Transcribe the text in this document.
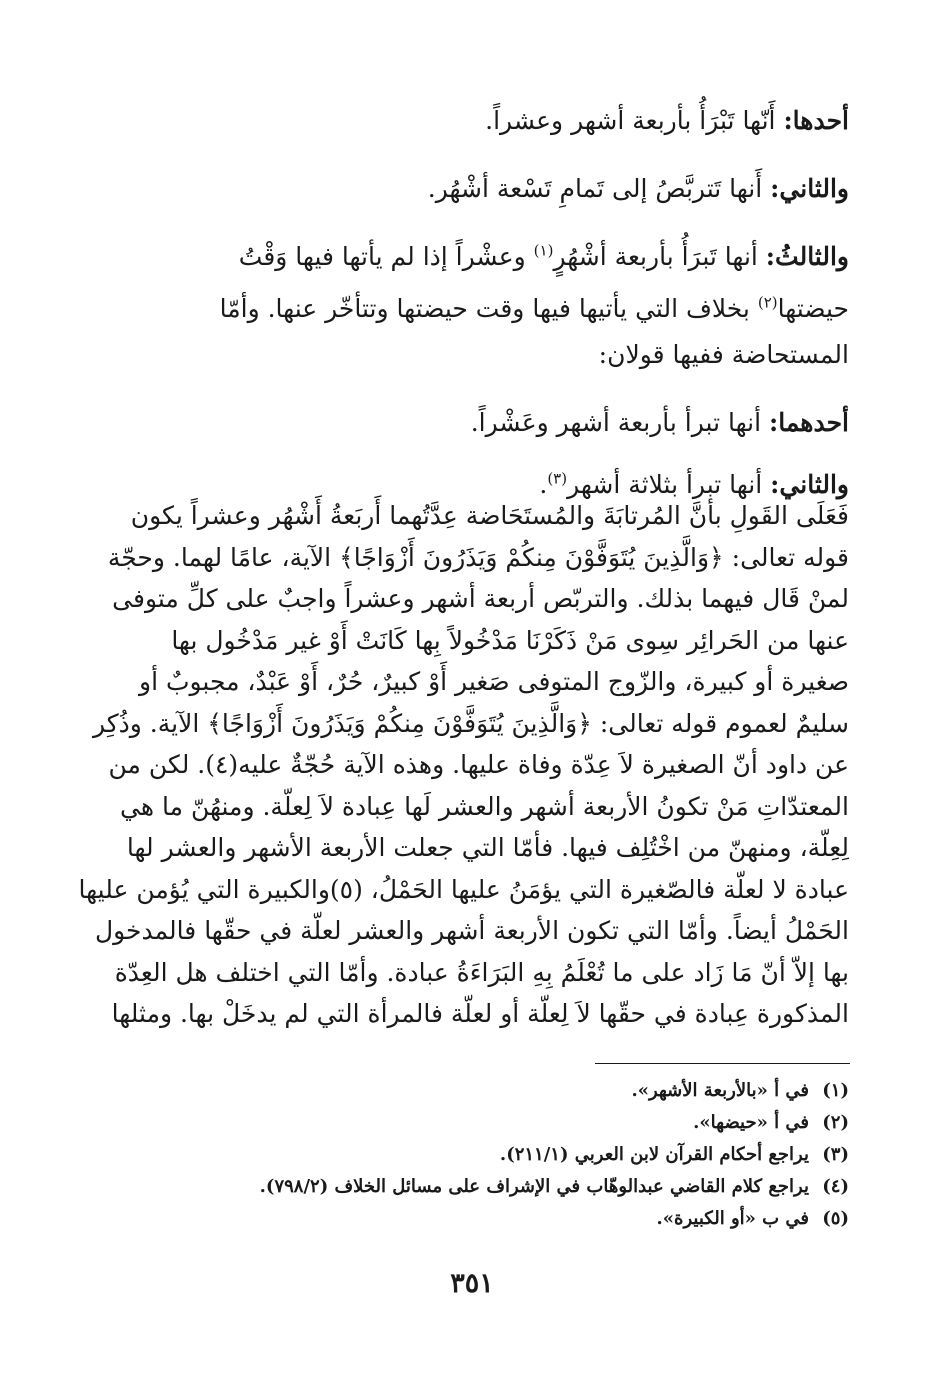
أحدها: أَنّها تَبْرَأُ بأربعة أشهر وعشراً.
والثاني: أَنها تَتربَّصُ إلى تَمامِ تَسْعة أشْهُر.
والثالثُ: أنها تَبرَأُ بأربعة أشْهُرٍ$^{(١)}$ وعشْراً إذا لم يأتها فيها وَقْتُ
حيضتها$^{(٢)}$ بخلاف التي يأتيها فيها وقت حيضتها وتتأخّر عنها. وأمّا
المستحاضة ففيها قولان:
أحدهما: أنها تبرأ بأربعة أشهر وعَشْراً.
والثاني: أنها تبرأ بثلاثة أشهر$^{(٣)}$.
فَعَلَى القَولِ بأنَّ المُرتابَةَ والمُستَحَاضة عِدَّتُهما أَربَعةُ أَشْهُر وعشراً يكون
قوله تعالى: ﴿وَالَّذِينَ يُتَوَفَّوْنَ مِنكُمْ وَيَذَرُونَ أَزْوَاجًا﴾ الآية، عامًا لهما. وحجّة
لمنْ قَال فيهما بذلك. والتربّص أربعة أشهر وعشراً واجبٌ على كلِّ متوفى
عنها من الحَرائِر سِوى مَنْ ذَكَرْنَا مَدْخُولاً بِها كَانَتْ أَوْ غير مَدْخُول بها
صغيرة أو كبيرة، والزّوج المتوفى صَغير أَوْ كبيرٌ، حُرٌ، أَوْ عَبْدٌ، مجبوبٌ أو
سليمٌ لعموم قوله تعالى: ﴿وَالَّذِينَ يُتَوَفَّوْنَ مِنكُمْ وَيَذَرُونَ أَزْوَاجًا﴾ الآية. وذُكِر
عن داود أنّ الصغيرة لاَ عِدّة وفاة عليها. وهذه الآية حُجّةٌ عليه(٤). لكن من
المعتدّاتِ مَنْ تكونُ الأربعة أشهر والعشر لَها عِبادة لاَ لِعلّة. ومنهُنّ ما هي
لِعِلّة، ومنهنّ من اخْتُلِف فيها. فأمّا التي جعلت الأربعة الأشهر والعشر لها
عبادة لا لعلّة فالصّغيرة التي يؤمَنُ عليها الحَمْلُ، (٥)والكبيرة التي يُؤمن عليها
الحَمْلُ أيضاً. وأمّا التي تكون الأربعة أشهر والعشر لعلّة في حقّها فالمدخول
بها إلاّ أنّ مَا زَاد على ما تُعْلَمُ بِهِ البَرَاءَةُ عبادة. وأمّا التي اختلف هل العِدّة
المذكورة عِبادة في حقّها لاَ لِعلّة أو لعلّة فالمرأة التي لم يدخَلْ بها. ومثلها
(١)في أ «بالأربعة الأشهر».
(٢)في أ «حيضها».
(٣)يراجع أحكام القرآن لابن العربي (٢١١/١).
(٤)يراجع كلام القاضي عبدالوهّاب في الإشراف على مسائل الخلاف (٧٩٨/٢).
(٥)في ب «أو الكبيرة».
٣٥١
